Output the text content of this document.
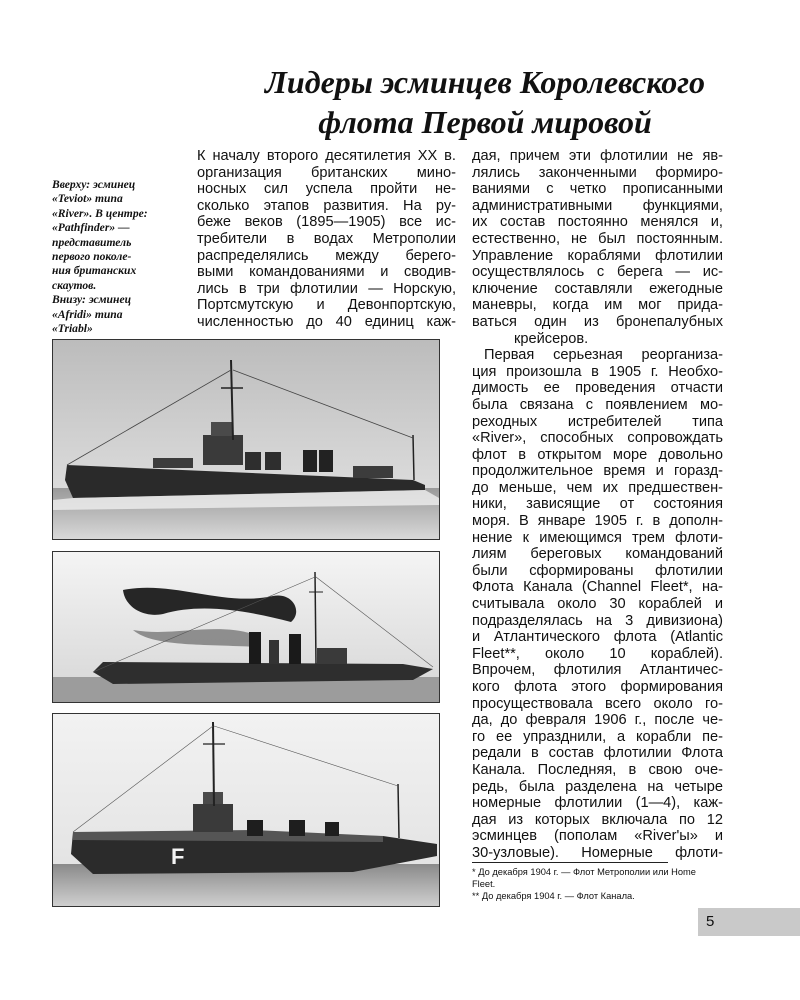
Лидеры эсминцев Королевского
флота Первой мировой
Вверху: эсминец
«Teviot» типа
«River». В центре:
«Pathfinder» —
представитель
первого поколе-
ния британских
скаутов.
Внизу: эсминец
«Afridi» типа
«Triabl»
К началу второго десятилетия XX в.
организация британских мино-
носных сил успела пройти не-
сколько этапов развития. На ру-
беже веков (1895—1905) все ис-
требители в водах Метрополии
распределялись между берего-
выми командованиями и сводив-
лись в три флотилии — Норскую,
Портсмутскую и Девонпортскую,
численностью до 40 единиц каж-
дая, причем эти флотилии не яв-
лялись законченными формиро-
ваниями с четко прописанными
административными функциями,
их состав постоянно менялся и,
естественно, не был постоянным.
Управление кораблями флотилии
осуществлялось с берега — ис-
ключение составляли ежегодные
маневры, когда им мог прида-
ваться один из бронепалубных
крейсеров.
Первая серьезная реорганиза-
ция произошла в 1905 г. Необхо-
димость ее проведения отчасти
была связана с появлением мо-
реходных истребителей типа
«River», способных сопровождать
флот в открытом море довольно
продолжительное время и горазд-
до меньше, чем их предшествен-
ники, зависящие от состояния
моря. В январе 1905 г. в дополн-
нение к имеющимся трем флоти-
лиям береговых командований
были сформированы флотилии
Флота Канала (Channel Fleet*, на-
считывала около 30 кораблей и
подразделялась на 3 дивизиона)
и Атлантического флота (Atlantic
Fleet**, около 10 кораблей).
Впрочем, флотилия Атлантичес-
кого флота этого формирования
просуществовала всего около го-
да, до февраля 1906 г., после че-
го ее упразднили, а корабли пе-
редали в состав флотилии Флота
Канала. Последняя, в свою оче-
редь, была разделена на четыре
номерные флотилии (1—4), каж-
дая из которых включала по 12
эсминцев (пополам «River'ы» и
30-узловые). Номерные флоти-
F
* До декабря 1904 г. — Флот Метрополии или Home
Fleet.
** До декабря 1904 г. — Флот Канала.
5
